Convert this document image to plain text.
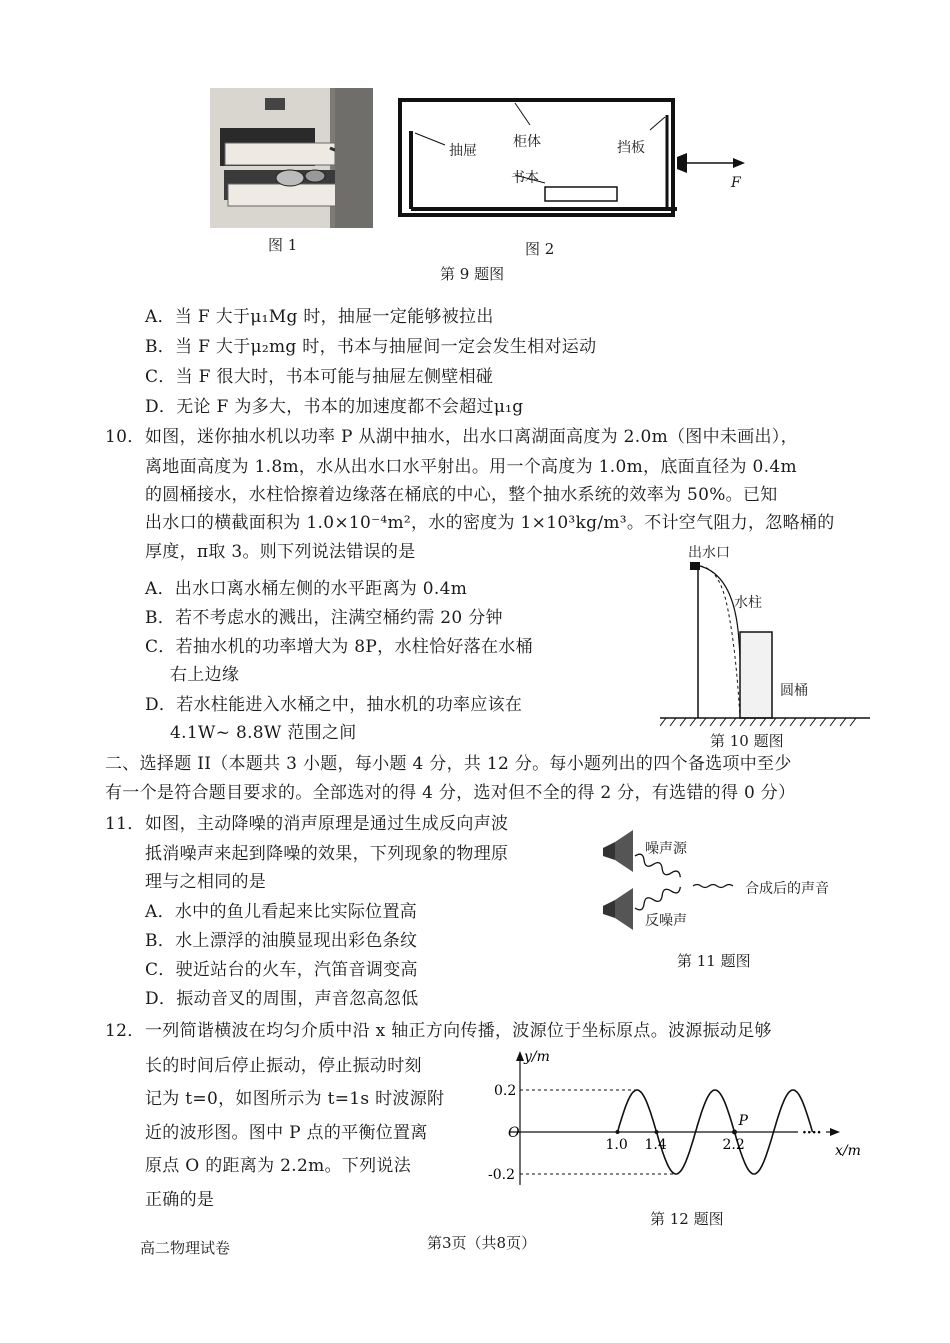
图 1
抽屉
柜体	挡板
书本	F
图 2
第 9 题图
A．当 F 大于μ₁Mg 时，抽屉一定能够被拉出
B．当 F 大于μ₂mg 时，书本与抽屉间一定会发生相对运动
C．当 F 很大时，书本可能与抽屉左侧壁相碰
D．无论 F 为多大，书本的加速度都不会超过μ₁g
10． 如图，迷你抽水机以功率 P 从湖中抽水，出水口离湖面高度为 2.0m（图中未画出），
离地面高度为 1.8m，水从出水口水平射出。用一个高度为 1.0m，底面直径为 0.4m
的圆桶接水，水柱恰擦着边缘落在桶底的中心，整个抽水系统的效率为 50%。已知
出水口的横截面积为 1.0×10⁻⁴m²，水的密度为 1×10³kg/m³。不计空气阻力，忽略桶的
厚度，π取 3。则下列说法错误的是
A．出水口离水桶左侧的水平距离为 0.4m
B．若不考虑水的溅出，注满空桶约需 20 分钟
C．若抽水机的功率增大为 8P，水柱恰好落在水桶
右上边缘
D．若水柱能进入水桶之中，抽水机的功率应该在
4.1W~ 8.8W 范围之间
出水口
水柱
圆桶
第 10 题图
二、选择题 II（本题共 3 小题，每小题 4 分，共 12 分。每小题列出的四个备选项中至少
有一个是符合题目要求的。全部选对的得 4 分，选对但不全的得 2 分，有选错的得 0 分）
11． 如图，主动降噪的消声原理是通过生成反向声波
抵消噪声来起到降噪的效果，下列现象的物理原
理与之相同的是
A．水中的鱼儿看起来比实际位置高
B．水上漂浮的油膜显现出彩色条纹
C．驶近站台的火车，汽笛音调变高
D．振动音叉的周围，声音忽高忽低
噪声源
反噪声
合成后的声音
第 11 题图
12． 一列简谐横波在均匀介质中沿 x 轴正方向传播，波源位于坐标原点。波源振动足够
长的时间后停止振动，停止振动时刻
记为 t=0，如图所示为 t=1s 时波源附
近的波形图。图中 P 点的平衡位置离
原点 O 的距离为 2.2m。下列说法
正确的是
y/m
x/m
O
0.2
-0.2
1.0 1.4	2.2
P
····
第 12 题图
高二物理试卷	第3页（共8页）
